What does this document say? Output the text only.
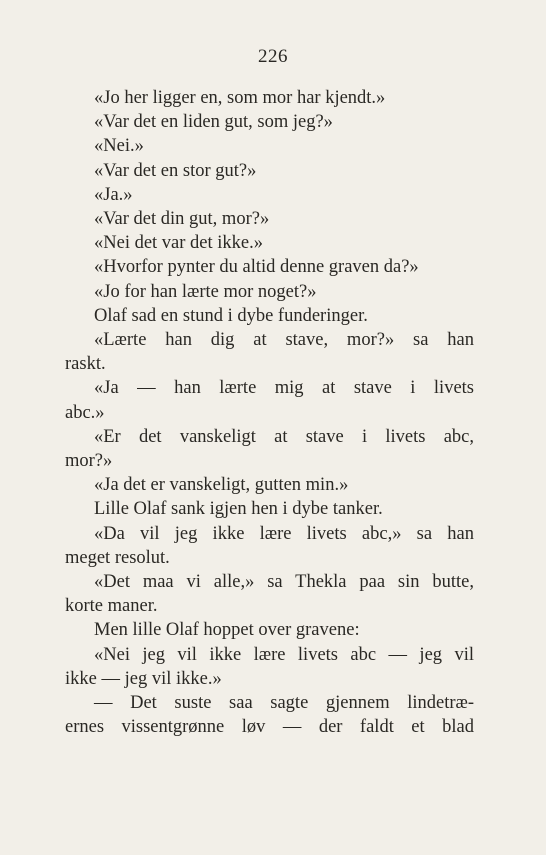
226
«Jo her ligger en, som mor har kjendt.»
«Var det en liden gut, som jeg?»
«Nei.»
«Var det en stor gut?»
«Ja.»
«Var det din gut, mor?»
«Nei det var det ikke.»
«Hvorfor pynter du altid denne graven da?»
«Jo for han lærte mor noget?»
Olaf sad en stund i dybe funderinger.
«Lærte han dig at stave, mor?» sa han
raskt.
«Ja — han lærte mig at stave i livets
abc.»
«Er det vanskeligt at stave i livets abc,
mor?»
«Ja det er vanskeligt, gutten min.»
Lille Olaf sank igjen hen i dybe tanker.
«Da vil jeg ikke lære livets abc,» sa han
meget resolut.
«Det maa vi alle,» sa Thekla paa sin butte,
korte maner.
Men lille Olaf hoppet over gravene:
«Nei jeg vil ikke lære livets abc — jeg vil
ikke — jeg vil ikke.»
— Det suste saa sagte gjennem lindetræ-
ernes vissentgrønne løv — der faldt et blad
